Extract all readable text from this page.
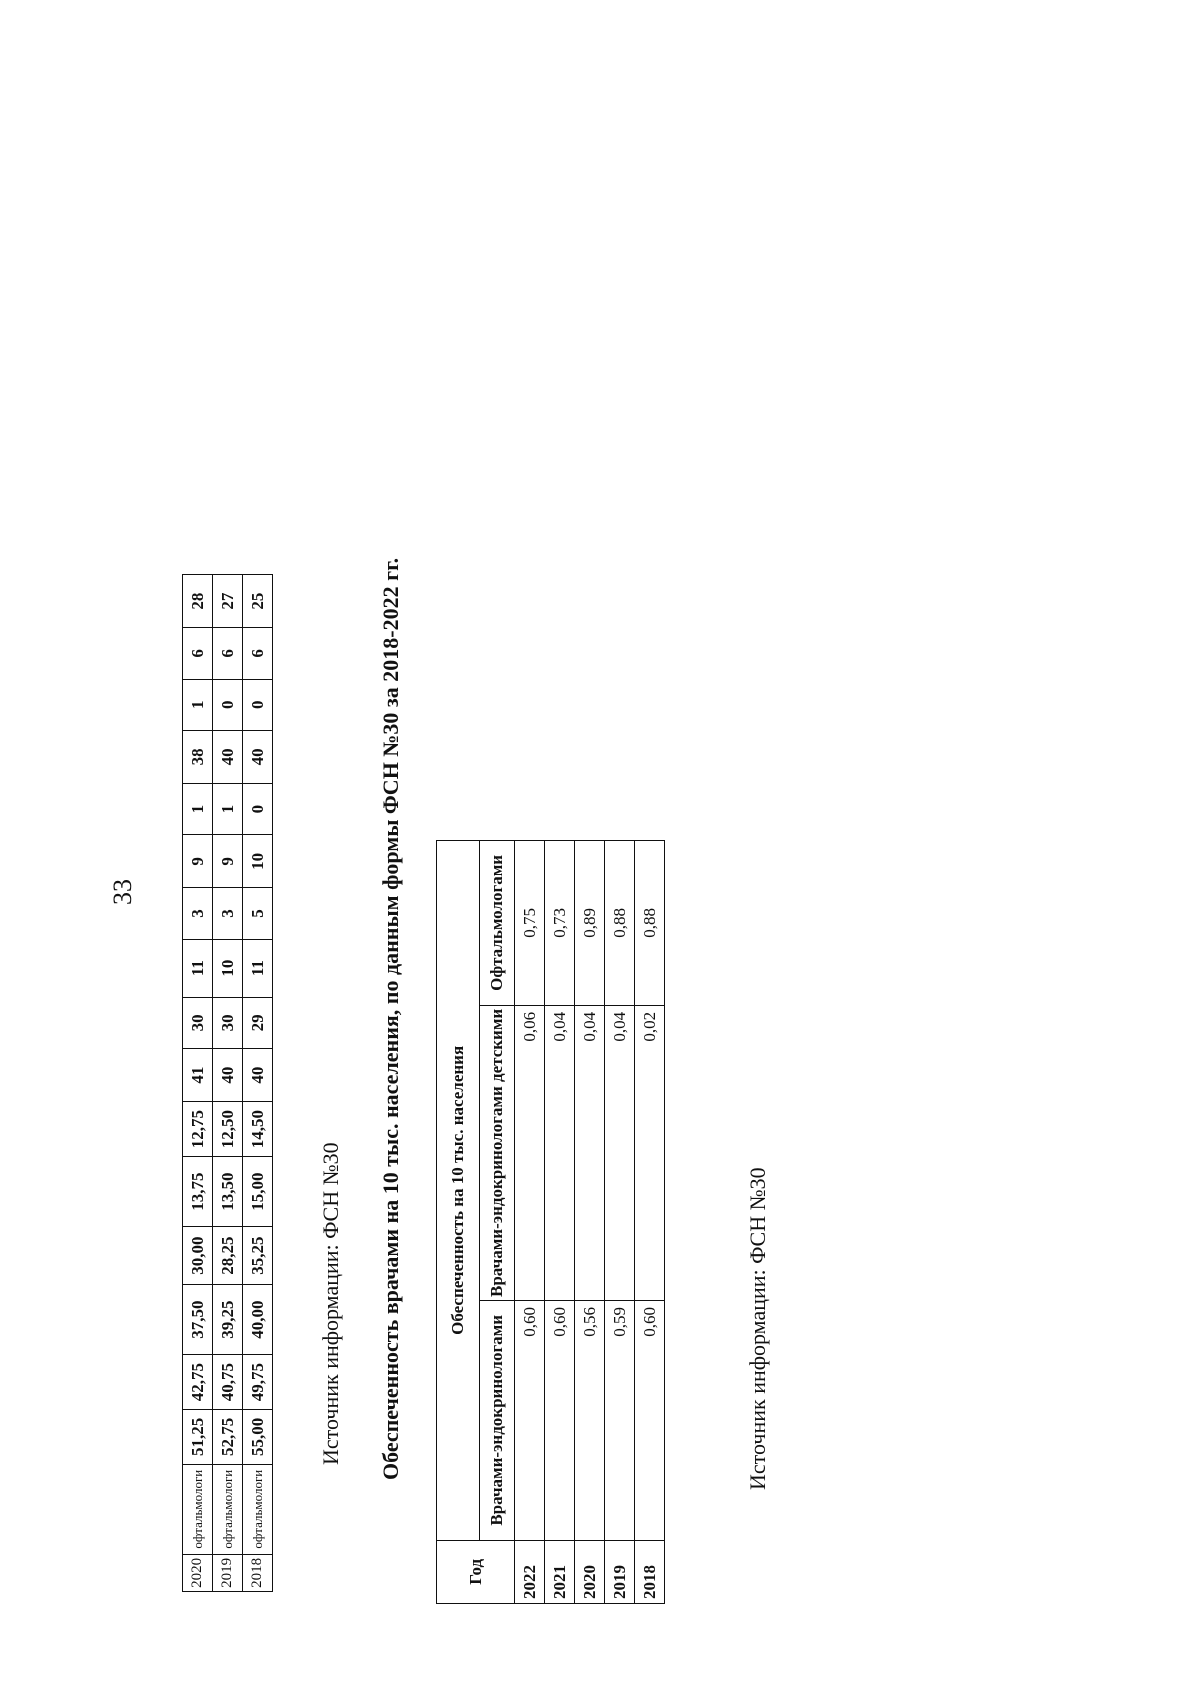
33
2020	офтальмологи	51,25	42,75	37,50	30,00	13,75	12,75	41	30	11	3	9	1	38	1	6	28
2019	офтальмологи	52,75	40,75	39,25	28,25	13,50	12,50	40	30	10	3	9	1	40	0	6	27
2018	офтальмологи	55,00	49,75	40,00	35,25	15,00	14,50	40	29	11	5	10	0	40	0	6	25
Источник информации: ФСН №30 Обеспеченность врачами на 10 тыс. населения, по данным формы ФСН №30 за 2018-2022 гг.
Год	Обеспеченность на 10 тыс. населения		
	Врачами-эндокринологами	Врачами-эндокринологами детскими	Офтальмологами
2022	0,60	0,06	0,75
2021	0,60	0,04	0,73
2020	0,56	0,04	0,89
2019	0,59	0,04	0,88
2018	0,60	0,02	0,88
Источник информации: ФСН №30
